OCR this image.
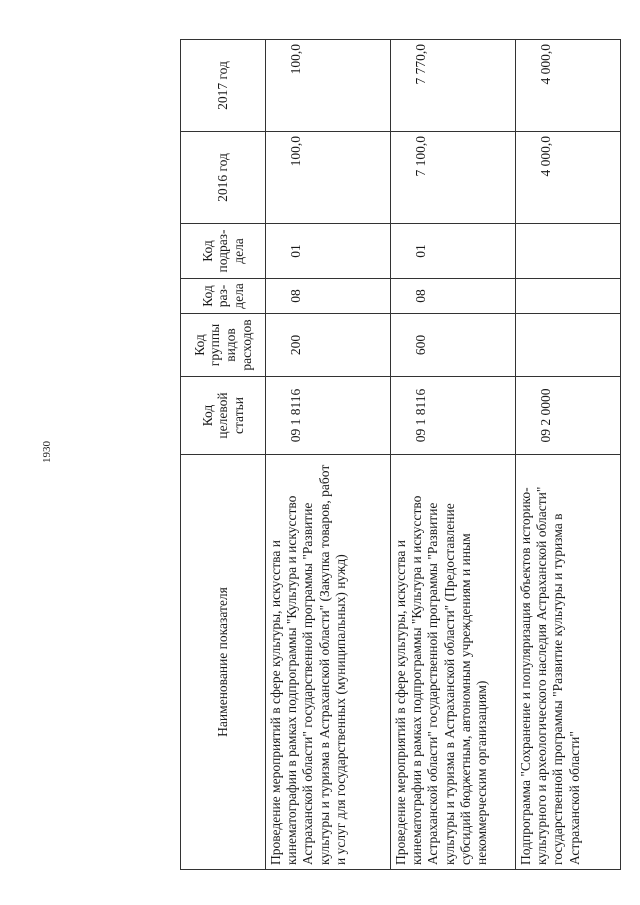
1930
Наименование показателя	Код целевой статьи	Код группы видов расходов	Код раз- дела	Код подраз- дела	2016 год	2017 год
Проведение мероприятий в сфере культуры, искусства и кинематографии в рамках подпрограммы "Культура и искусство Астраханской области" государственной программы "Развитие культуры и туризма в Астраханской области" (Закупка товаров, работ и услуг для государственных (муниципальных) нужд)	09 1 8116	200	08	01	100,0	100,0
Проведение мероприятий в сфере культуры, искусства и кинематографии в рамках подпрограммы "Культура и искусство Астраханской области" государственной программы "Развитие культуры и туризма в Астраханской области" (Предоставление субсидий бюджетным, автономным учреждениям и иным некоммерческим организациям)	09 1 8116	600	08	01	7 100,0	7 770,0
Подпрограмма "Сохранение и популяризация объектов историко-культурного и археологического наследия Астраханской области" государственной программы "Развитие культуры и туризма в Астраханской области"	09 2 0000				4 000,0	4 000,0
